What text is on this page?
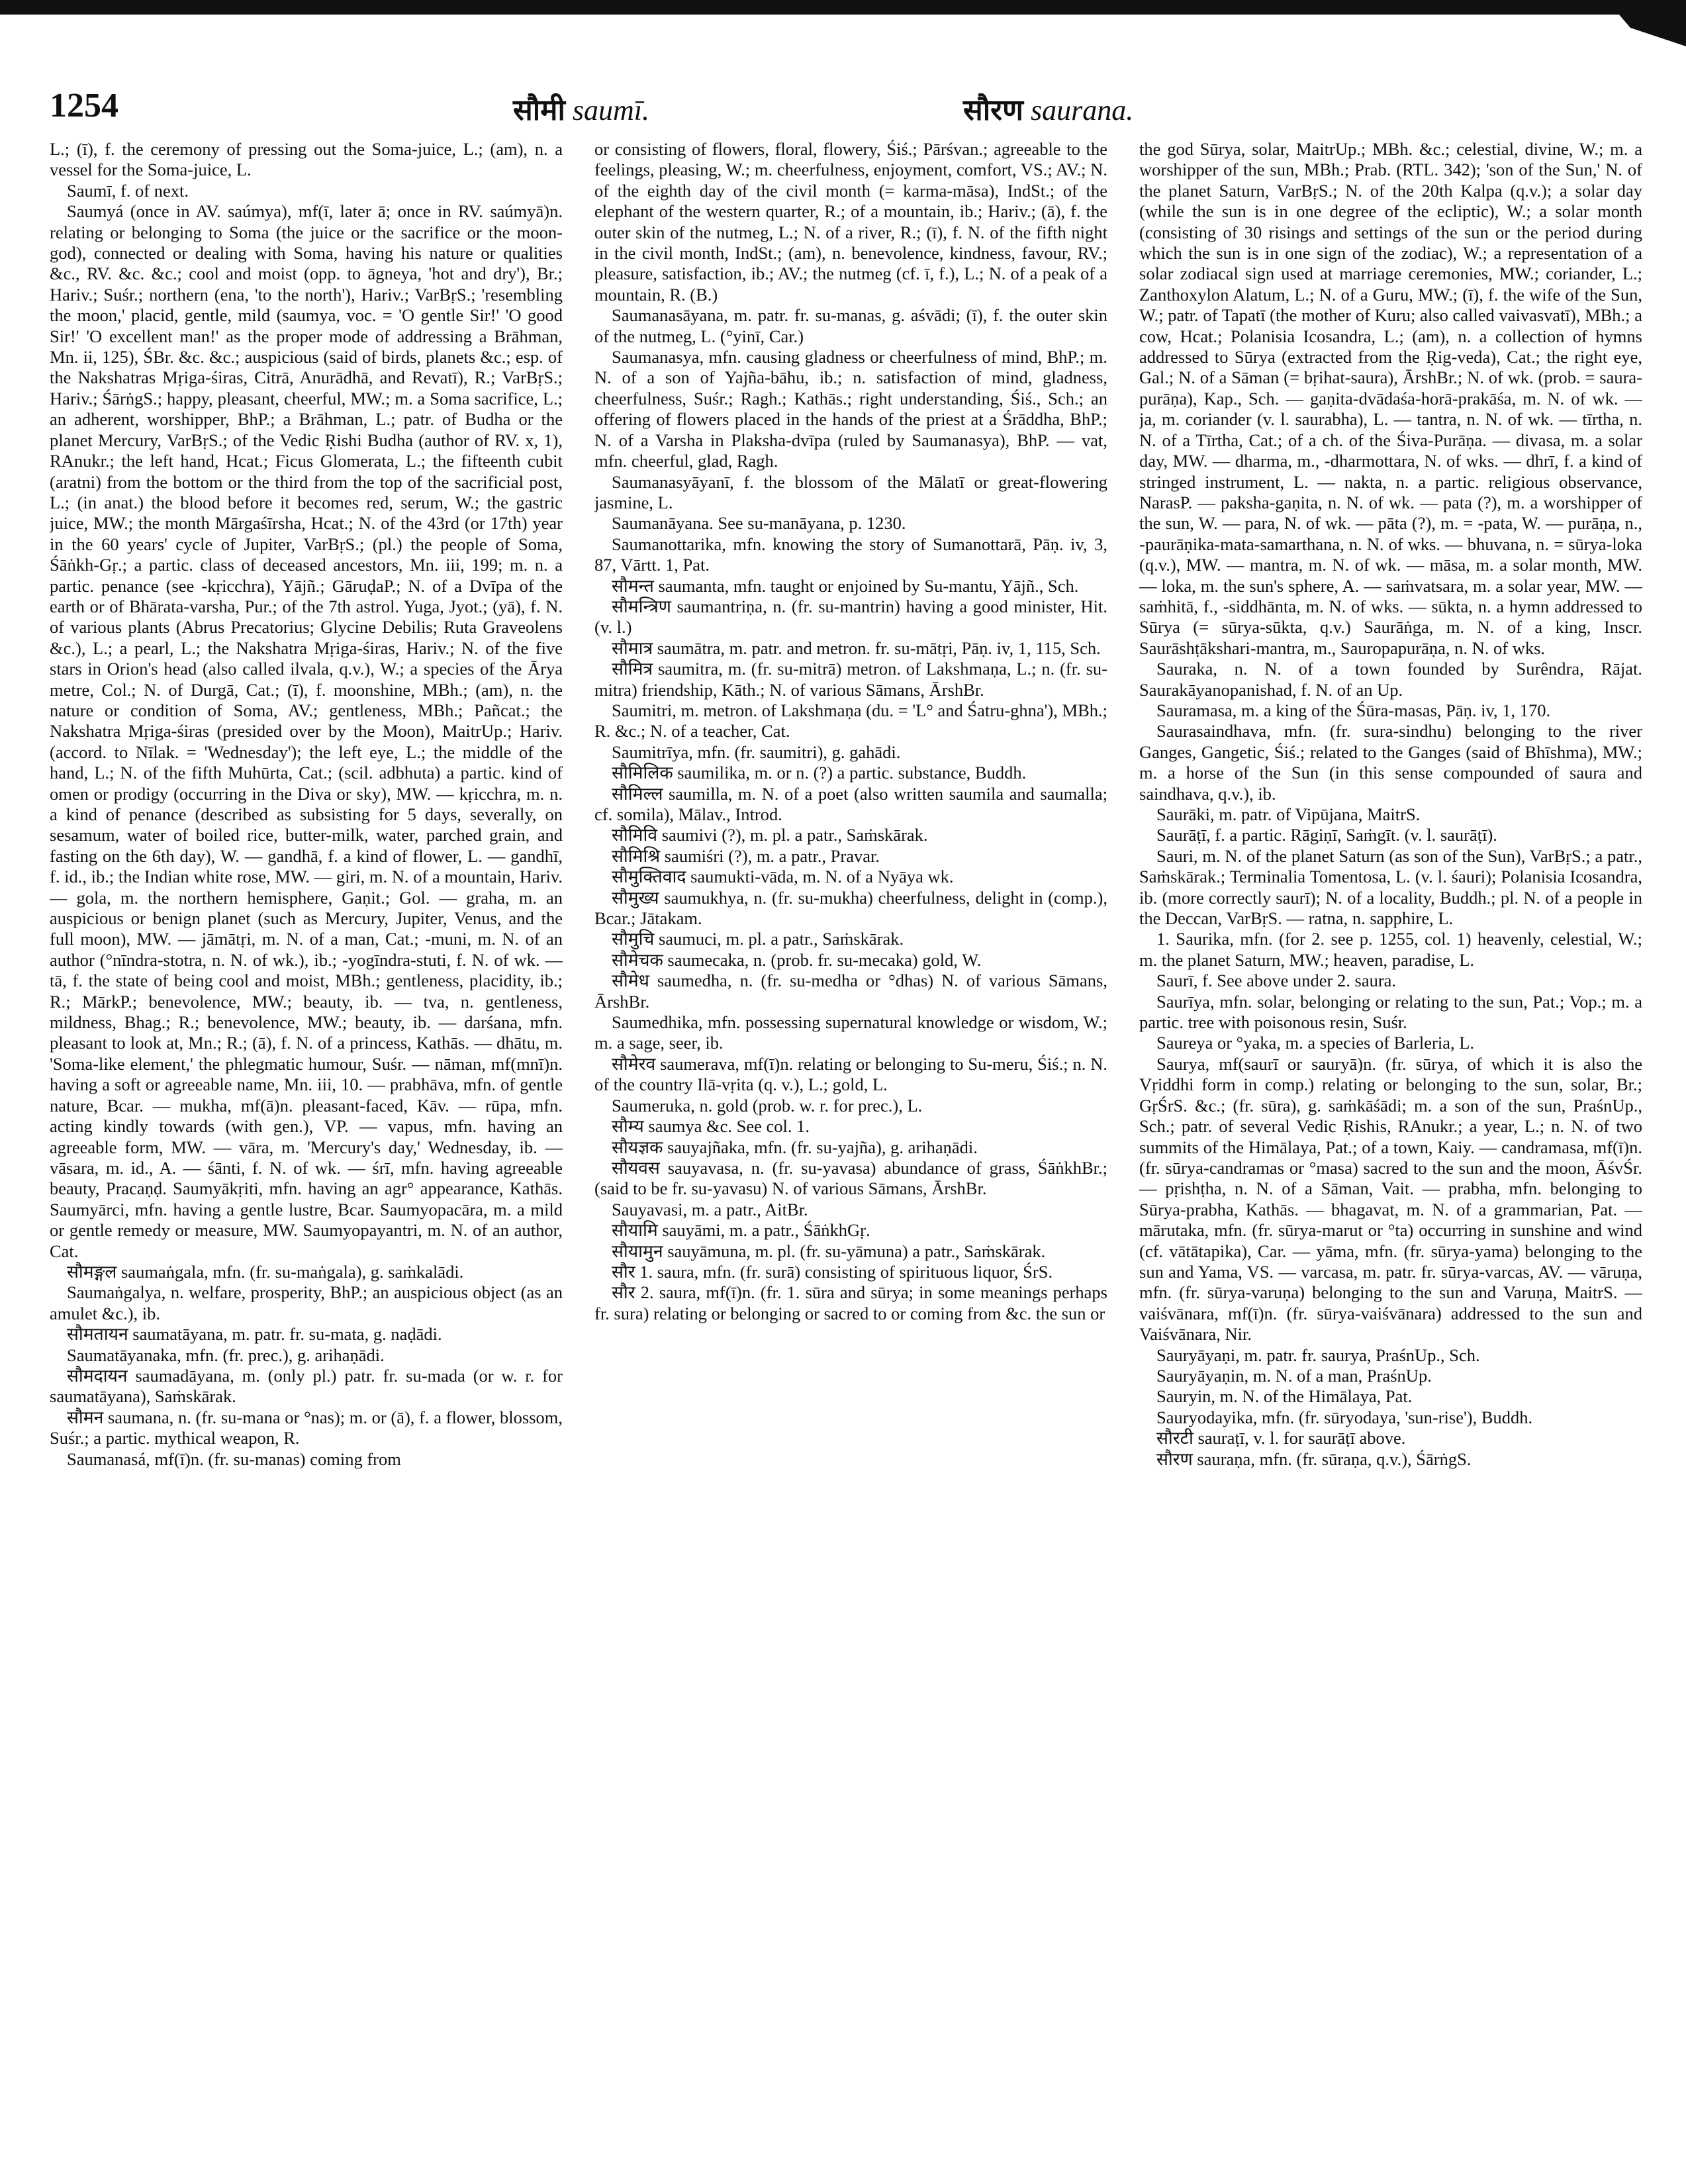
1254	सौमी saumī.	सौरण saurana.

L.; (ī), f. the ceremony of pressing out the Soma-juice, L.; (am), n. a vessel for the Soma-juice, L.

Saumī, f. of next.

Saumyá (once in AV. saúmya), mf(ī, later ā; once in RV. saúmyā)n. relating or belonging to Soma (the juice or the sacrifice or the moon-god), connected or dealing with Soma, having his nature or qualities &c., RV. &c. &c.; cool and moist (opp. to āgneya, 'hot and dry'), Br.; Hariv.; Suśr.; northern (ena, 'to the north'), Hariv.; VarBṛS.; 'resembling the moon,' placid, gentle, mild (saumya, voc. = 'O gentle Sir!' 'O good Sir!' 'O excellent man!' as the proper mode of addressing a Brāhman, Mn. ii, 125), ŚBr. &c. &c.; auspicious (said of birds, planets &c.; esp. of the Nakshatras Mṛiga-śiras, Citrā, Anurādhā, and Revatī), R.; VarBṛS.; Hariv.; ŚārṅgS.; happy, pleasant, cheerful, MW.; m. a Soma sacrifice, L.; an adherent, worshipper, BhP.; a Brāhman, L.; patr. of Budha or the planet Mercury, VarBṛS.; of the Vedic Ṛishi Budha (author of RV. x, 1), RAnukr.; the left hand, Hcat.; Ficus Glomerata, L.; the fifteenth cubit (aratni) from the bottom or the third from the top of the sacrificial post, L.; (in anat.) the blood before it becomes red, serum, W.; the gastric juice, MW.; the month Mārgaśīrsha, Hcat.; N. of the 43rd (or 17th) year in the 60 years' cycle of Jupiter, VarBṛS.; (pl.) the people of Soma, Śāṅkh-Gṛ.; a partic. class of deceased ancestors, Mn. iii, 199; m. n. a partic. penance (see -kṛicchra), Yājñ.; GāruḍaP.; N. of a Dvīpa of the earth or of Bhārata-varsha, Pur.; of the 7th astrol. Yuga, Jyot.; (yā), f. N. of various plants (Abrus Precatorius; Glycine Debilis; Ruta Graveolens &c.), L.; a pearl, L.; the Nakshatra Mṛiga-śiras, Hariv.; N. of the five stars in Orion's head (also called ilvala, q.v.), W.; a species of the Ārya metre, Col.; N. of Durgā, Cat.; (ī), f. moonshine, MBh.; (am), n. the nature or condition of Soma, AV.; gentleness, MBh.; Pañcat.; the Nakshatra Mṛiga-śiras (presided over by the Moon), MaitrUp.; Hariv. (accord. to Nīlak. = 'Wednesday'); the left eye, L.; the middle of the hand, L.; N. of the fifth Muhūrta, Cat.; (scil. adbhuta) a partic. kind of omen or prodigy (occurring in the Diva or sky), MW. — kṛicchra, m. n. a kind of penance (described as subsisting for 5 days, severally, on sesamum, water of boiled rice, butter-milk, water, parched grain, and fasting on the 6th day), W. — gandhā, f. a kind of flower, L. — gandhī, f. id., ib.; the Indian white rose, MW. — giri, m. N. of a mountain, Hariv. — gola, m. the northern hemisphere, Gaṇit.; Gol. — graha, m. an auspicious or benign planet (such as Mercury, Jupiter, Venus, and the full moon), MW. — jāmātṛi, m. N. of a man, Cat.; -muni, m. N. of an author (°nīndra-stotra, n. N. of wk.), ib.; -yogīndra-stuti, f. N. of wk. — tā, f. the state of being cool and moist, MBh.; gentleness, placidity, ib.; R.; MārkP.; benevolence, MW.; beauty, ib. — tva, n. gentleness, mildness, Bhag.; R.; benevolence, MW.; beauty, ib. — darśana, mfn. pleasant to look at, Mn.; R.; (ā), f. N. of a princess, Kathās. — dhātu, m. 'Soma-like element,' the phlegmatic humour, Suśr. — nāman, mf(mnī)n. having a soft or agreeable name, Mn. iii, 10. — prabhāva, mfn. of gentle nature, Bcar. — mukha, mf(ā)n. pleasant-faced, Kāv. — rūpa, mfn. acting kindly towards (with gen.), VP. — vapus, mfn. having an agreeable form, MW. — vāra, m. 'Mercury's day,' Wednesday, ib. — vāsara, m. id., A. — śānti, f. N. of wk. — śrī, mfn. having agreeable beauty, Pracaṇḍ. Saumyākṛiti, mfn. having an agr° appearance, Kathās. Saumyārci, mfn. having a gentle lustre, Bcar. Saumyopacāra, m. a mild or gentle remedy or measure, MW. Saumyopayantri, m. N. of an author, Cat.

सौमङ्गल saumaṅgala, mfn. (fr. su-maṅgala), g. saṁkalādi.

Saumaṅgalya, n. welfare, prosperity, BhP.; an auspicious object (as an amulet &c.), ib.

सौमतायन saumatāyana, m. patr. fr. su-mata, g. naḍādi.

Saumatāyanaka, mfn. (fr. prec.), g. arihaṇādi.

सौमदायन saumadāyana, m. (only pl.) patr. fr. su-mada (or w. r. for saumatāyana), Saṁskārak.

सौमन saumana, n. (fr. su-mana or °nas); m. or (ā), f. a flower, blossom, Suśr.; a partic. mythical weapon, R.

Saumanasá, mf(ī)n. (fr. su-manas) coming from

or consisting of flowers, floral, flowery, Śiś.; Pārśvan.; agreeable to the feelings, pleasing, W.; m. cheerfulness, enjoyment, comfort, VS.; AV.; N. of the eighth day of the civil month (= karma-māsa), IndSt.; of the elephant of the western quarter, R.; of a mountain, ib.; Hariv.; (ā), f. the outer skin of the nutmeg, L.; N. of a river, R.; (ī), f. N. of the fifth night in the civil month, IndSt.; (am), n. benevolence, kindness, favour, RV.; pleasure, satisfaction, ib.; AV.; the nutmeg (cf. ī, f.), L.; N. of a peak of a mountain, R. (B.)

Saumanasāyana, m. patr. fr. su-manas, g. aśvādi; (ī), f. the outer skin of the nutmeg, L. (°yinī, Car.)

Saumanasya, mfn. causing gladness or cheerfulness of mind, BhP.; m. N. of a son of Yajña-bāhu, ib.; n. satisfaction of mind, gladness, cheerfulness, Suśr.; Ragh.; Kathās.; right understanding, Śiś., Sch.; an offering of flowers placed in the hands of the priest at a Śrāddha, BhP.; N. of a Varsha in Plaksha-dvīpa (ruled by Saumanasya), BhP. — vat, mfn. cheerful, glad, Ragh.

Saumanasyāyanī, f. the blossom of the Mālatī or great-flowering jasmine, L.

Saumanāyana. See su-manāyana, p. 1230.

Saumanottarika, mfn. knowing the story of Sumanottarā, Pāṇ. iv, 3, 87, Vārtt. 1, Pat.

सौमन्त saumanta, mfn. taught or enjoined by Su-mantu, Yājñ., Sch.

सौमन्त्रिण saumantriṇa, n. (fr. su-mantrin) having a good minister, Hit. (v. l.)

सौमात्र saumātra, m. patr. and metron. fr. su-mātṛi, Pāṇ. iv, 1, 115, Sch.

सौमित्र saumitra, m. (fr. su-mitrā) metron. of Lakshmaṇa, L.; n. (fr. su-mitra) friendship, Kāth.; N. of various Sāmans, ĀrshBr.

Saumitri, m. metron. of Lakshmaṇa (du. = 'L° and Śatru-ghna'), MBh.; R. &c.; N. of a teacher, Cat.

Saumitrīya, mfn. (fr. saumitri), g. gahādi.

सौमिलिक saumilika, m. or n. (?) a partic. substance, Buddh.

सौमिल्ल saumilla, m. N. of a poet (also written saumila and saumalla; cf. somila), Mālav., Introd.

सौमिवि saumivi (?), m. pl. a patr., Saṁskārak.

सौमिश्रि saumiśri (?), m. a patr., Pravar.

सौमुक्तिवाद saumukti-vāda, m. N. of a Nyāya wk.

सौमुख्य saumukhya, n. (fr. su-mukha) cheerfulness, delight in (comp.), Bcar.; Jātakam.

सौमुचि saumuci, m. pl. a patr., Saṁskārak.

सौमेचक saumecaka, n. (prob. fr. su-mecaka) gold, W.

सौमेध saumedha, n. (fr. su-medha or °dhas) N. of various Sāmans, ĀrshBr.

Saumedhika, mfn. possessing supernatural knowledge or wisdom, W.; m. a sage, seer, ib.

सौमेरव saumerava, mf(ī)n. relating or belonging to Su-meru, Śiś.; n. N. of the country Ilā-vṛita (q. v.), L.; gold, L.

Saumeruka, n. gold (prob. w. r. for prec.), L.

सौम्य saumya &c. See col. 1.

सौयज्ञक sauyajñaka, mfn. (fr. su-yajña), g. arihaṇādi.

सौयवस sauyavasa, n. (fr. su-yavasa) abundance of grass, ŚāṅkhBr.; (said to be fr. su-yavasu) N. of various Sāmans, ĀrshBr.

Sauyavasi, m. a patr., AitBr.

सौयामि sauyāmi, m. a patr., ŚāṅkhGṛ.

सौयामुन sauyāmuna, m. pl. (fr. su-yāmuna) a patr., Saṁskārak.

सौर 1. saura, mfn. (fr. surā) consisting of spirituous liquor, ŚrS.

सौर 2. saura, mf(ī)n. (fr. 1. sūra and sūrya; in some meanings perhaps fr. sura) relating or belonging or sacred to or coming from &c. the sun or

the god Sūrya, solar, MaitrUp.; MBh. &c.; celestial, divine, W.; m. a worshipper of the sun, MBh.; Prab. (RTL. 342); 'son of the Sun,' N. of the planet Saturn, VarBṛS.; N. of the 20th Kalpa (q.v.); a solar day (while the sun is in one degree of the ecliptic), W.; a solar month (consisting of 30 risings and settings of the sun or the period during which the sun is in one sign of the zodiac), W.; a representation of a solar zodiacal sign used at marriage ceremonies, MW.; coriander, L.; Zanthoxylon Alatum, L.; N. of a Guru, MW.; (ī), f. the wife of the Sun, W.; patr. of Tapatī (the mother of Kuru; also called vaivasvatī), MBh.; a cow, Hcat.; Polanisia Icosandra, L.; (am), n. a collection of hymns addressed to Sūrya (extracted from the Ṛig-veda), Cat.; the right eye, Gal.; N. of a Sāman (= bṛihat-saura), ĀrshBr.; N. of wk. (prob. = saura-purāṇa), Kap., Sch. — gaṇita-dvādaśa-horā-prakāśa, m. N. of wk. — ja, m. coriander (v. l. saurabha), L. — tantra, n. N. of wk. — tīrtha, n. N. of a Tīrtha, Cat.; of a ch. of the Śiva-Purāṇa. — divasa, m. a solar day, MW. — dharma, m., -dharmottara, N. of wks. — dhrī, f. a kind of stringed instrument, L. — nakta, n. a partic. religious observance, NarasP. — paksha-gaṇita, n. N. of wk. — pata (?), m. a worshipper of the sun, W. — para, N. of wk. — pāta (?), m. = -pata, W. — purāṇa, n., -paurāṇika-mata-samarthana, n. N. of wks. — bhuvana, n. = sūrya-loka (q.v.), MW. — mantra, m. N. of wk. — māsa, m. a solar month, MW. — loka, m. the sun's sphere, A. — saṁvatsara, m. a solar year, MW. — saṁhitā, f., -siddhānta, m. N. of wks. — sūkta, n. a hymn addressed to Sūrya (= sūrya-sūkta, q.v.) Saurāṅga, m. N. of a king, Inscr. Saurāshṭākshari-mantra, m., Sauropapurāṇa, n. N. of wks.

Sauraka, n. N. of a town founded by Surêndra, Rājat. Saurakāyanopanishad, f. N. of an Up.

Sauramasa, m. a king of the Śūra-masas, Pāṇ. iv, 1, 170.

Saurasaindhava, mfn. (fr. sura-sindhu) belonging to the river Ganges, Gangetic, Śiś.; related to the Ganges (said of Bhīshma), MW.; m. a horse of the Sun (in this sense compounded of saura and saindhava, q.v.), ib.

Saurāki, m. patr. of Vipūjana, MaitrS.

Saurāṭī, f. a partic. Rāgiṇī, Saṁgīt. (v. l. saurāṭī).

Sauri, m. N. of the planet Saturn (as son of the Sun), VarBṛS.; a patr., Saṁskārak.; Terminalia Tomentosa, L. (v. l. śauri); Polanisia Icosandra, ib. (more correctly saurī); N. of a locality, Buddh.; pl. N. of a people in the Deccan, VarBṛS. — ratna, n. sapphire, L.

1. Saurika, mfn. (for 2. see p. 1255, col. 1) heavenly, celestial, W.; m. the planet Saturn, MW.; heaven, paradise, L.

Saurī, f. See above under 2. saura.

Saurīya, mfn. solar, belonging or relating to the sun, Pat.; Vop.; m. a partic. tree with poisonous resin, Suśr.

Saureya or °yaka, m. a species of Barleria, L.

Saurya, mf(saurī or sauryā)n. (fr. sūrya, of which it is also the Vṛiddhi form in comp.) relating or belonging to the sun, solar, Br.; GṛŚrS. &c.; (fr. sūra), g. saṁkāśādi; m. a son of the sun, PraśnUp., Sch.; patr. of several Vedic Ṛishis, RAnukr.; a year, L.; n. N. of two summits of the Himālaya, Pat.; of a town, Kaiy. — candramasa, mf(ī)n. (fr. sūrya-candramas or °masa) sacred to the sun and the moon, ĀśvŚr. — pṛishṭha, n. N. of a Sāman, Vait. — prabha, mfn. belonging to Sūrya-prabha, Kathās. — bhagavat, m. N. of a grammarian, Pat. — mārutaka, mfn. (fr. sūrya-marut or °ta) occurring in sunshine and wind (cf. vātātapika), Car. — yāma, mfn. (fr. sūrya-yama) belonging to the sun and Yama, VS. — varcasa, m. patr. fr. sūrya-varcas, AV. — vāruṇa, mfn. (fr. sūrya-varuṇa) belonging to the sun and Varuṇa, MaitrS. — vaiśvānara, mf(ī)n. (fr. sūrya-vaiśvānara) addressed to the sun and Vaiśvānara, Nir.

Sauryāyaṇi, m. patr. fr. saurya, PraśnUp., Sch.

Sauryāyaṇin, m. N. of a man, PraśnUp.

Sauryin, m. N. of the Himālaya, Pat.

Sauryodayika, mfn. (fr. sūryodaya, 'sun-rise'), Buddh.

सौरटी sauraṭī, v. l. for saurāṭī above.

सौरण sauraṇa, mfn. (fr. sūraṇa, q.v.), ŚārṅgS.
